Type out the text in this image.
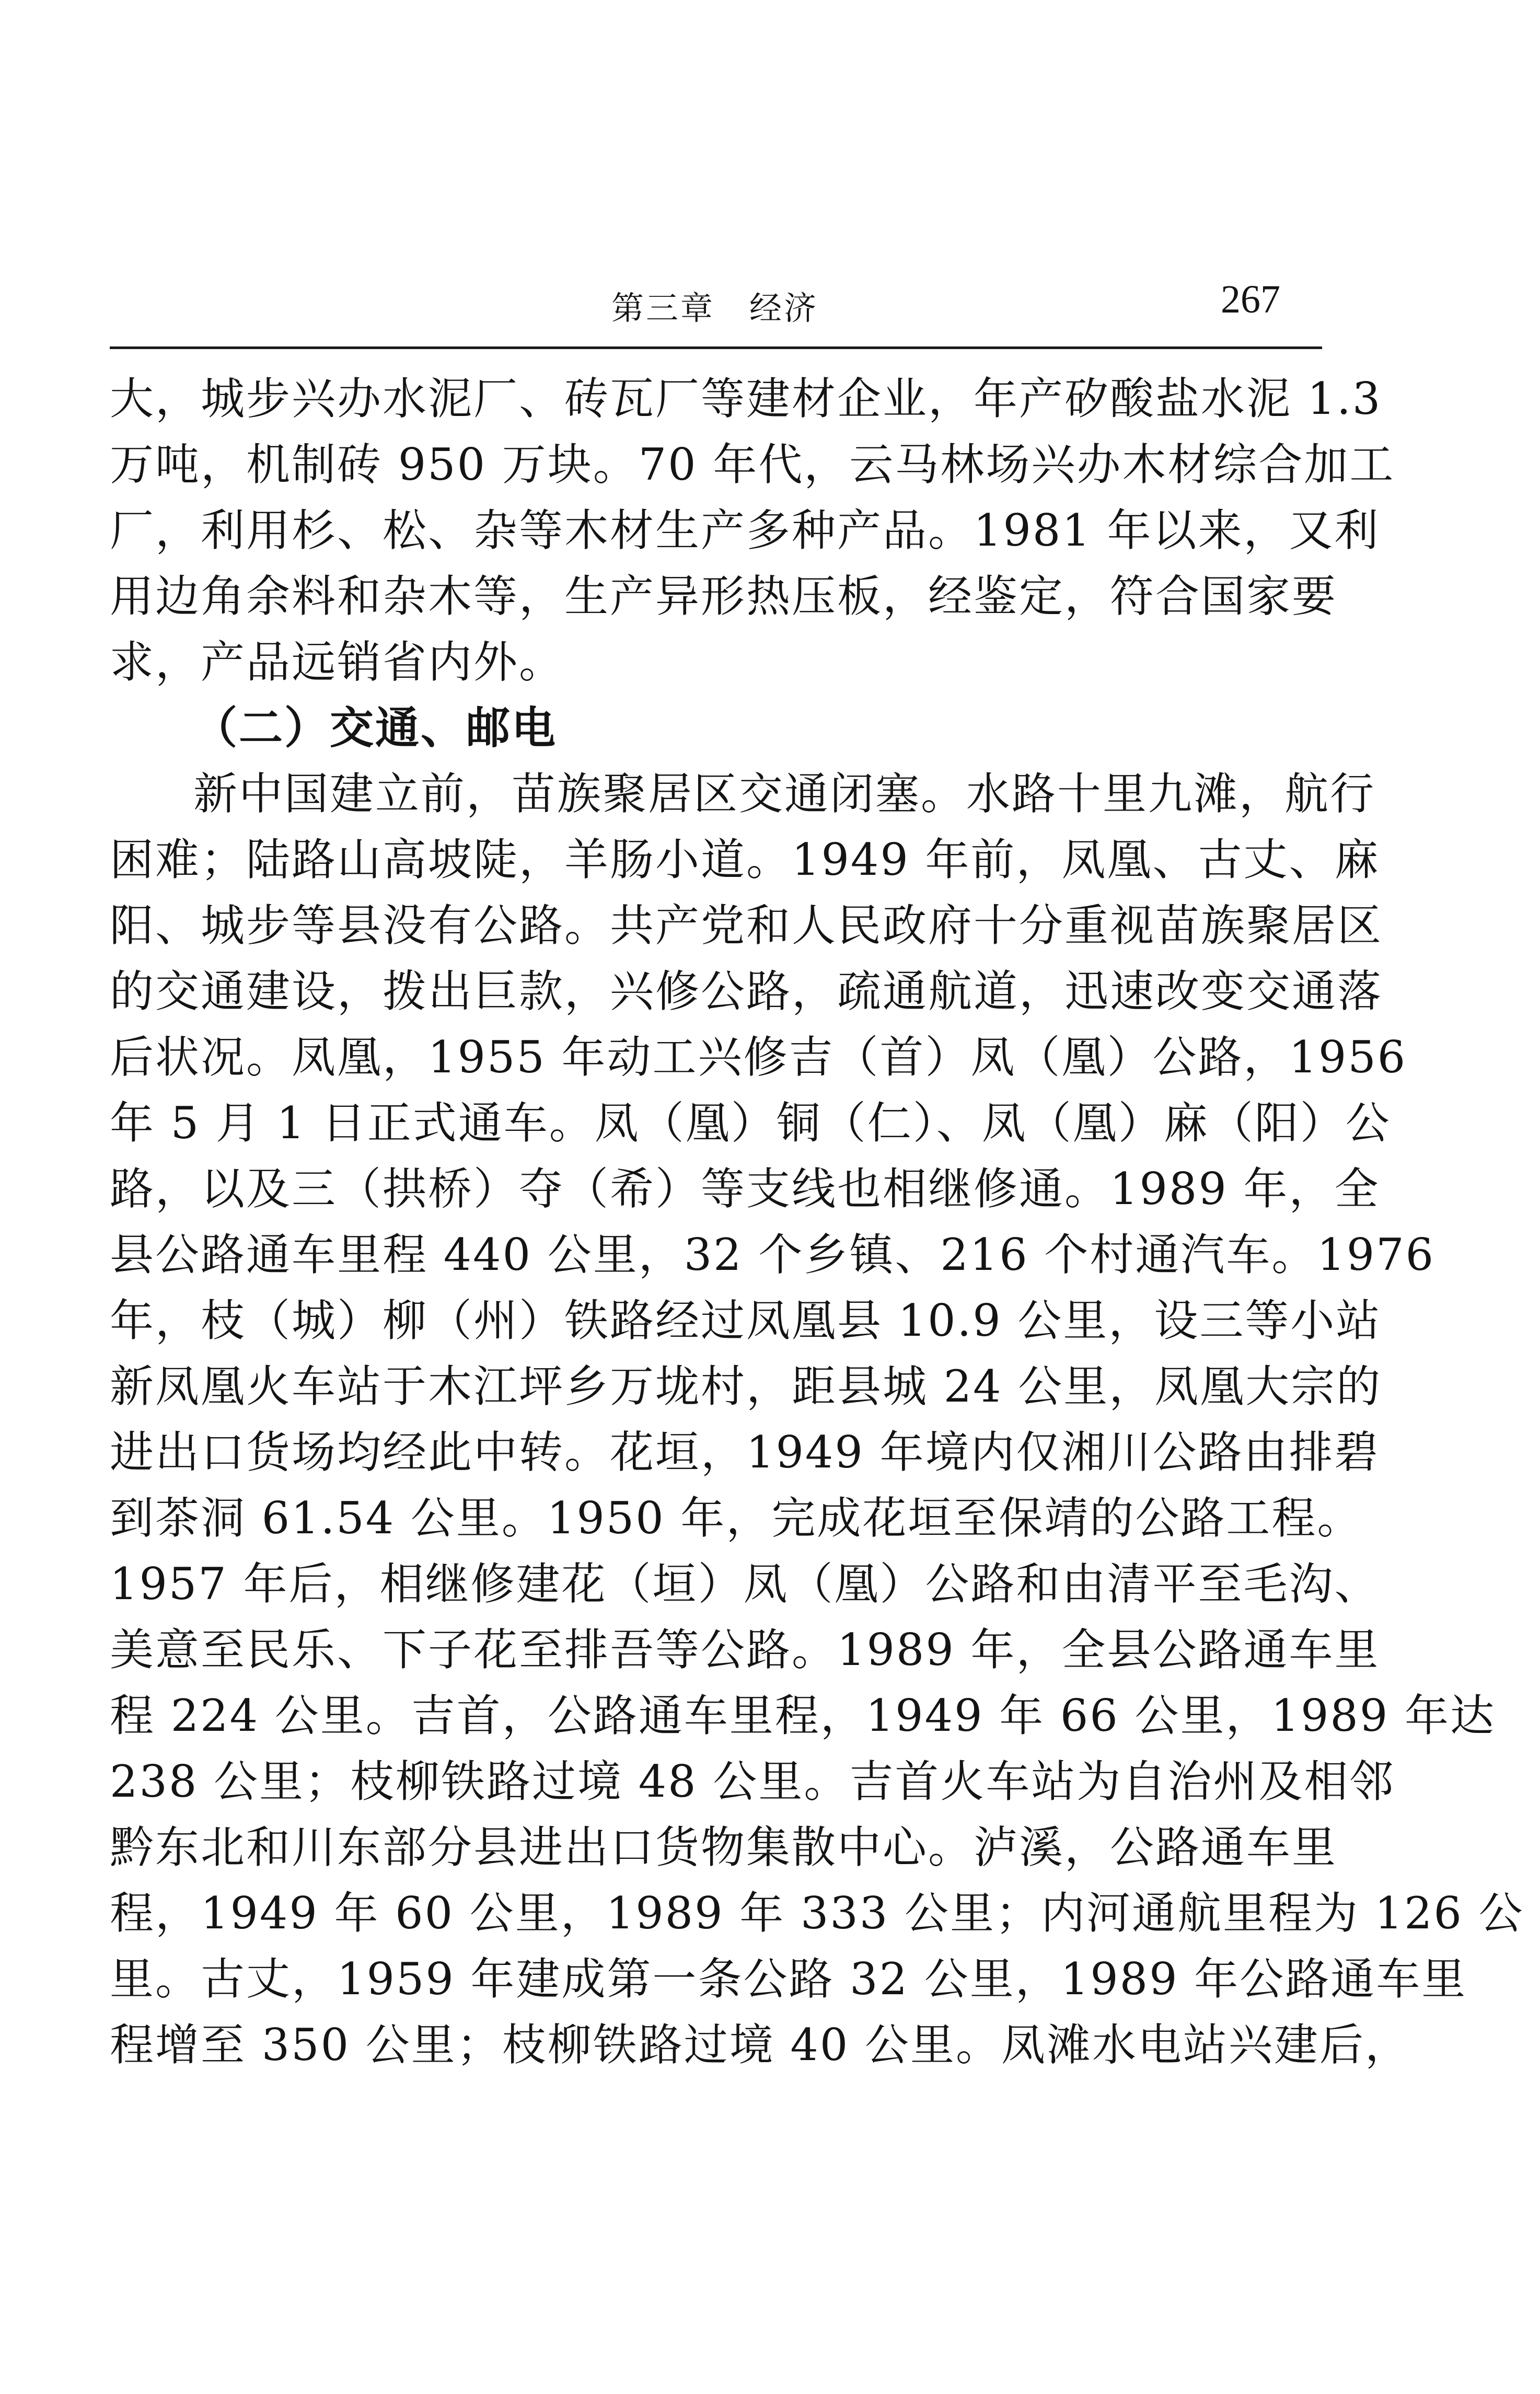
第三章　经济	267
大，城步兴办水泥厂、砖瓦厂等建材企业，年产矽酸盐水泥 1.3
万吨，机制砖 950 万块。70 年代，云马林场兴办木材综合加工
厂，利用杉、松、杂等木材生产多种产品。1981 年以来，又利
用边角余料和杂木等，生产异形热压板，经鉴定，符合国家要
求，产品远销省内外。
（二）交通、邮电
新中国建立前，苗族聚居区交通闭塞。水路十里九滩，航行
困难；陆路山高坡陡，羊肠小道。1949 年前，凤凰、古丈、麻
阳、城步等县没有公路。共产党和人民政府十分重视苗族聚居区
的交通建设，拨出巨款，兴修公路，疏通航道，迅速改变交通落
后状况。凤凰，1955 年动工兴修吉（首）凤（凰）公路，1956
年 5 月 1 日正式通车。凤（凰）铜（仁）、凤（凰）麻（阳）公
路，以及三（拱桥）夺（希）等支线也相继修通。1989 年，全
县公路通车里程 440 公里，32 个乡镇、216 个村通汽车。1976
年，枝（城）柳（州）铁路经过凤凰县 10.9 公里，设三等小站
新凤凰火车站于木江坪乡万垅村，距县城 24 公里，凤凰大宗的
进出口货场均经此中转。花垣，1949 年境内仅湘川公路由排碧
到茶洞 61.54 公里。1950 年，完成花垣至保靖的公路工程。
1957 年后，相继修建花（垣）凤（凰）公路和由清平至毛沟、
美意至民乐、下子花至排吾等公路。1989 年，全县公路通车里
程 224 公里。吉首，公路通车里程，1949 年 66 公里，1989 年达
238 公里；枝柳铁路过境 48 公里。吉首火车站为自治州及相邻
黔东北和川东部分县进出口货物集散中心。泸溪，公路通车里
程，1949 年 60 公里，1989 年 333 公里；内河通航里程为 126 公
里。古丈，1959 年建成第一条公路 32 公里，1989 年公路通车里
程增至 350 公里；枝柳铁路过境 40 公里。凤滩水电站兴建后，
